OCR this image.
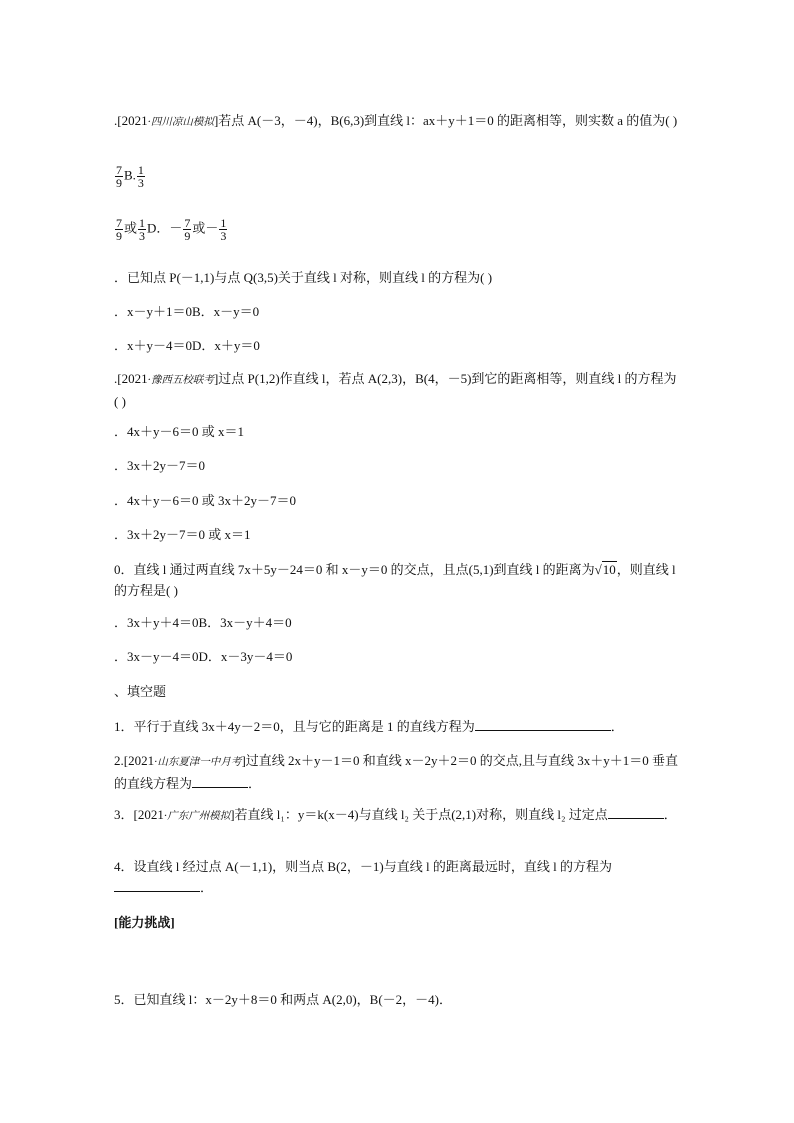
.[2021·四川凉山模拟]若点 A(－3，－4)，B(6,3)到直线 l：ax＋y＋1＝0 的距离相等，则实数 a 的值为( )
$\frac{7}{9} B$. $\frac{1}{3}$
$\frac{7}{9}$ 或 $\frac{1}{3}$ D．－ $\frac{7}{9}$ 或－ $\frac{1}{3}$
．已知点 P(－1,1)与点 Q(3,5)关于直线 l 对称，则直线 l 的方程为( )
．x－y＋1＝0B．x－y＝0
．x＋y－4＝0D．x＋y＝0
.[2021·豫西五校联考]过点 P(1,2)作直线 l，若点 A(2,3)，B(4，－5)到它的距离相等，则直线 l 的方程为( )
．4x＋y－6＝0 或 x＝1
．3x＋2y－7＝0
．4x＋y－6＝0 或 3x＋2y－7＝0
．3x＋2y－7＝0 或 x＝1
0．直线 l 通过两直线 7x＋5y－24＝0 和 x－y＝0 的交点，且点(5,1)到直线 l 的距离为√10，则直线 l 的方程是( )
．3x＋y＋4＝0B．3x－y＋4＝0
．3x－y－4＝0D．x－3y－4＝0
、填空题
1．平行于直线 3x＋4y－2＝0，且与它的距离是 1 的直线方程为	．
2.[2021·山东夏津一中月考]过直线 2x＋y－1＝0 和直线 x－2y＋2＝0 的交点,且与直线 3x＋y＋1＝0 垂直的直线方程为	．
3．[2021·广东广州模拟]若直线 l₁：y＝k(x－4)与直线 l₂ 关于点(2,1)对称，则直线 l₂ 过定点	．
4．设直线 l 经过点 A(－1,1)，则当点 B(2，－1)与直线 l 的距离最远时，直线 l 的方程为．
[能力挑战]
5．已知直线 l：x－2y＋8＝0 和两点 A(2,0)，B(－2，－4)．
